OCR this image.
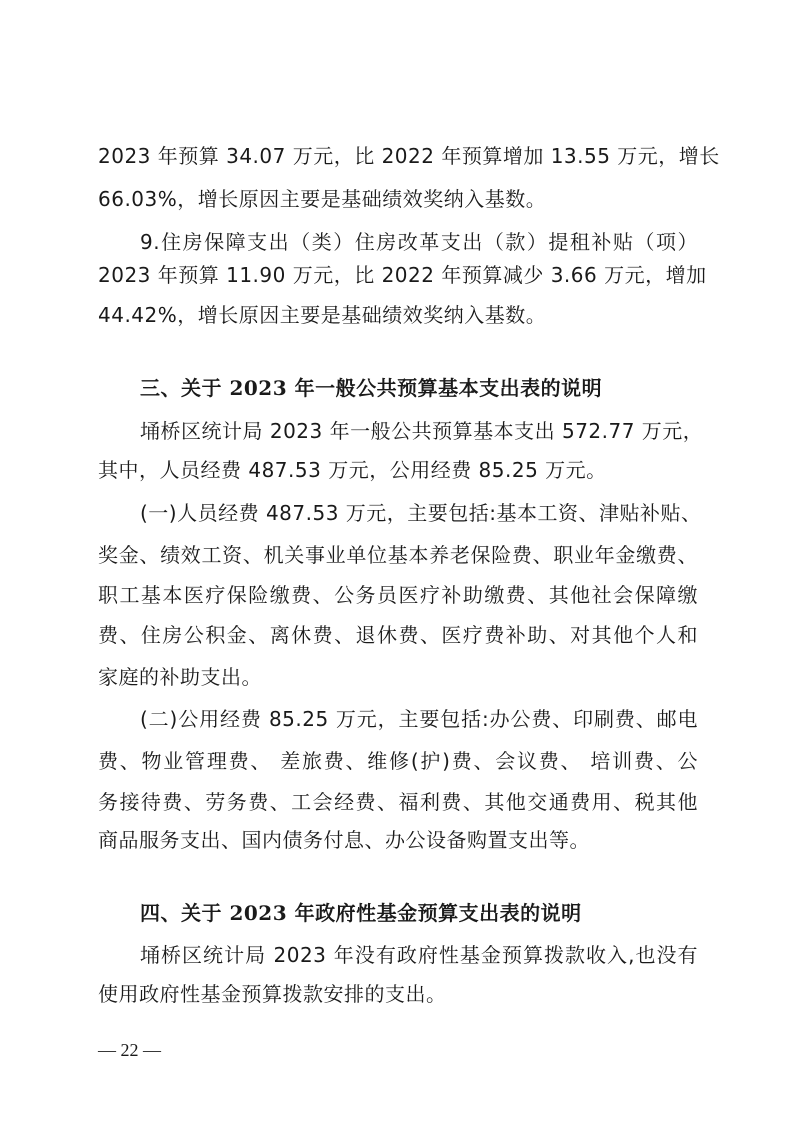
2023 年预算 34.07 万元，比 2022 年预算增加 13.55 万元，增长
66.03%，增长原因主要是基础绩效奖纳入基数。
9.住房保障支出（类）住房改革支出（款）提租补贴（项）
2023 年预算 11.90 万元，比 2022 年预算减少 3.66 万元，增加
44.42%，增长原因主要是基础绩效奖纳入基数。
三、关于 2023 年一般公共预算基本支出表的说明
埇桥区统计局 2023 年一般公共预算基本支出 572.77 万元，
其中，人员经费 487.53 万元，公用经费 85.25 万元。
(一)人员经费 487.53 万元，主要包括:基本工资、津贴补贴、
奖金、绩效工资、机关事业单位基本养老保险费、职业年金缴费、
职工基本医疗保险缴费、公务员医疗补助缴费、其他社会保障缴
费、住房公积金、离休费、退休费、医疗费补助、对其他个人和
家庭的补助支出。
(二)公用经费 85.25 万元，主要包括:办公费、印刷费、邮电
费、物业管理费、 差旅费、维修(护)费、会议费、 培训费、公
务接待费、劳务费、工会经费、福利费、其他交通费用、税其他
商品服务支出、国内债务付息、办公设备购置支出等。
四、关于 2023 年政府性基金预算支出表的说明
埇桥区统计局 2023 年没有政府性基金预算拨款收入,也没有
使用政府性基金预算拨款安排的支出。
— 22 —
